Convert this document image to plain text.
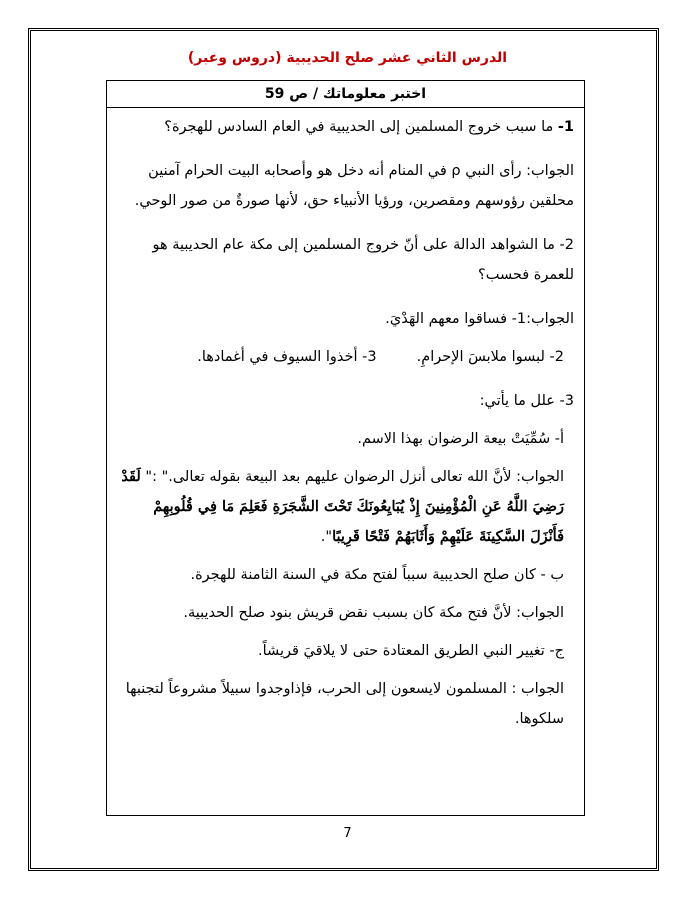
الدرس الثاني عشر صلح الحديبية (دروس وعبر)
اختبر معلوماتك / ص 59

1- ما سبب خروج المسلمين إلى الحديبية في العام السادس للهجرة؟

الجواب: رأى النبي ρ في المنام أنه دخل هو وأصحابه البيت الحرام آمنين محلقين رؤوسهم ومقصرين، ورؤيا الأنبياء حق، لأنها صورةٌ من صور الوحي.

2- ما الشواهد الدالة على أنّ خروج المسلمين إلى مكة عام الحديبية هو للعمرة فحسب؟

الجواب:1- فساقوا معهم الهَدْيَ.

2- لبسوا ملابسَ الإحرامِ.
3- أخذوا السيوف في أغمادها.

3- علل ما يأتي:

أ- سُمِّيَتْ بيعة الرضوان بهذا الاسم.

الجواب: لأنَّ الله تعالى أنزل الرضوان عليهم بعد البيعة بقوله تعالى." :" لَقَدْ رَضِيَ اللَّهُ عَنِ الْمُؤْمِنِينَ إِذْ يُبَايِعُونَكَ تَحْتَ الشَّجَرَةِ فَعَلِمَ مَا فِي قُلُوبِهِمْ فَأَنْزَلَ السَّكِينَةَ عَلَيْهِمْ وَأَثَابَهُمْ فَتْحًا قَرِيبًا".

ب - كان صلح الحديبية سبباً لفتح مكة في السنة الثامنة للهجرة.

الجواب: لأنَّ فتح مكة كان بسبب نقض قريش بنود صلح الحديبية.

ج- تغيير النبي الطريق المعتادة حتى لا يلاقيَ قريشاً.

الجواب : المسلمون لايسعون إلى الحرب، فإذاوجدوا سبيلاً مشروعاً لتجنبها سلكوها.

7
